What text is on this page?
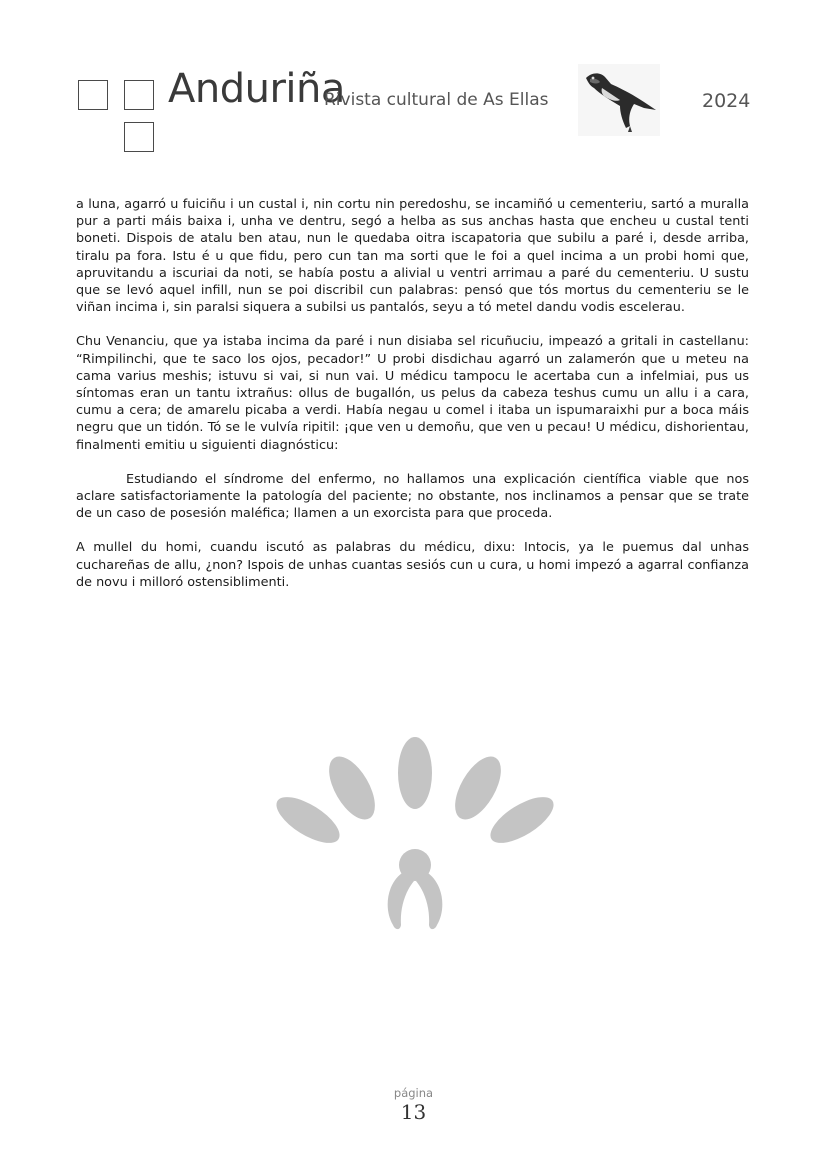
Anduriña
Rivista cultural de As Ellas	2024

a luna, agarró u fuiciñu i un custal i, nin cortu nin peredoshu, se incamiñó u cementeriu, sartó a muralla pur a parti máis baixa i, unha ve dentru, segó a helba as sus anchas hasta que encheu u custal tenti boneti. Dispois de atalu ben atau, nun le quedaba oitra iscapatoria que subilu a paré i, desde arriba, tiralu pa fora. Istu é u que fidu, pero cun tan ma sorti que le foi a quel incima a un probi homi que, apruvitandu a iscuriai da noti, se había postu a alivial u ventri arrimau a paré du cementeriu. U sustu que se levó aquel infill, nun se poi discribil cun palabras: pensó que tós mortus du cementeriu se le viñan incima i, sin paralsi siquera a subilsi us pantalós, seyu a tó metel dandu vodis escelerau.

Chu Venanciu, que ya istaba incima da paré i nun disiaba sel ricuñuciu, impeazó a gritali in castellanu: “Rimpilinchi, que te saco los ojos, pecador!” U probi disdichau agarró un zalamerón que u meteu na cama varius meshis; istuvu si vai, si nun vai. U médicu tampocu le acertaba cun a infelmiai, pus us síntomas eran un tantu ixtrañus: ollus de bugallón, us pelus da cabeza teshus cumu un allu i a cara, cumu a cera; de amarelu picaba a verdi. Había negau u comel i itaba un ispumaraixhi pur a boca máis negru que un tidón. Tó se le vulvía ripitil: ¡que ven u demoñu, que ven u pecau! U médicu, dishorientau, finalmenti emitiu u siguienti diagnósticu:

Estudiando el síndrome del enfermo, no hallamos una explicación científica viable que nos aclare satisfactoriamente la patología del paciente; no obstante, nos inclinamos a pensar que se trate de un caso de posesión maléfica; llamen a un exorcista para que proceda.

A mullel du homi, cuandu iscutó as palabras du médicu, dixu: Intocis, ya le puemus dal unhas cuchareñas de allu, ¿non? Ispois de unhas cuantas sesiós cun u cura, u homi impezó a agarral confianza de novu i milloró ostensiblimenti.

página
13
